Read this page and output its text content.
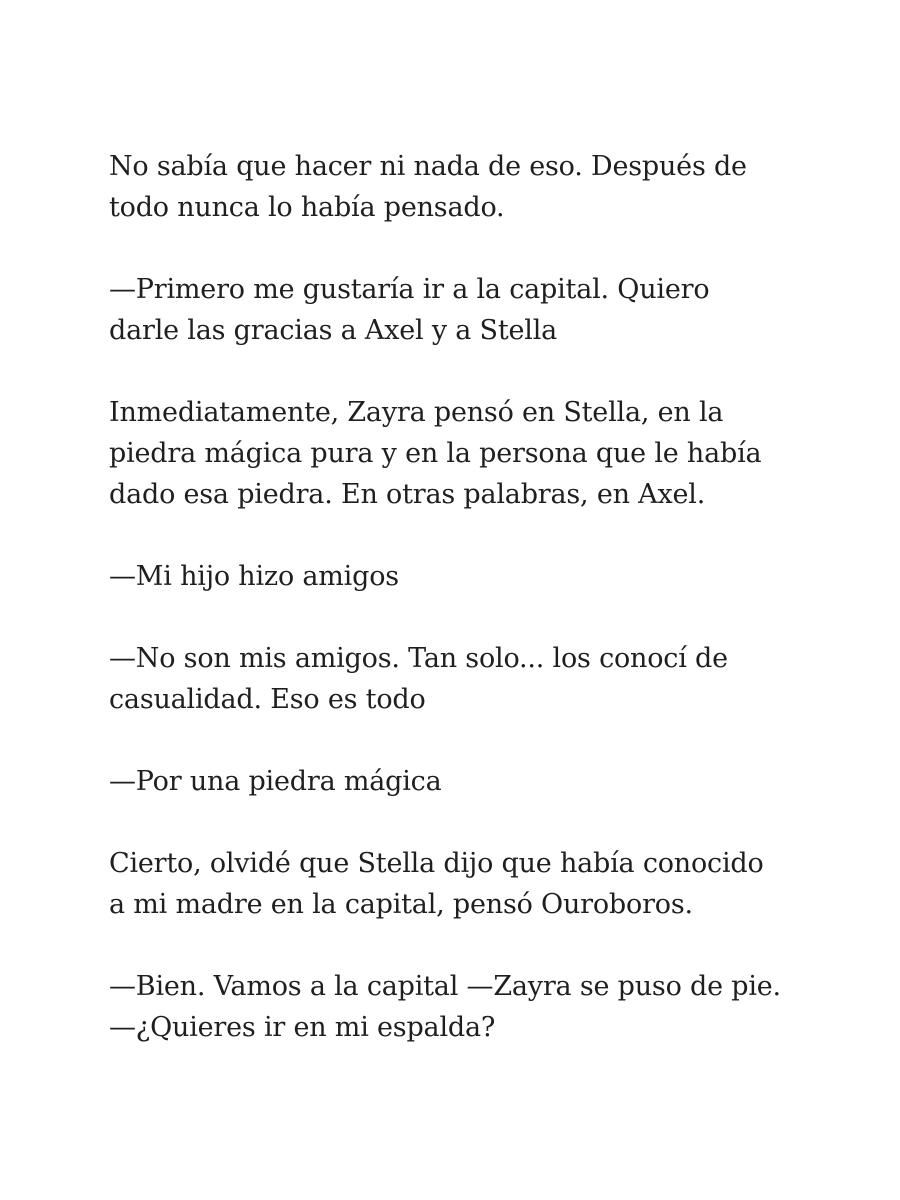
No sabía que hacer ni nada de eso. Después de
todo nunca lo había pensado.

—Primero me gustaría ir a la capital. Quiero
darle las gracias a Axel y a Stella

Inmediatamente, Zayra pensó en Stella, en la
piedra mágica pura y en la persona que le había
dado esa piedra. En otras palabras, en Axel.

—Mi hijo hizo amigos

—No son mis amigos. Tan solo... los conocí de
casualidad. Eso es todo

—Por una piedra mágica

Cierto, olvidé que Stella dijo que había conocido
a mi madre en la capital, pensó Ouroboros.

—Bien. Vamos a la capital —Zayra se puso de pie.
—¿Quieres ir en mi espalda?
